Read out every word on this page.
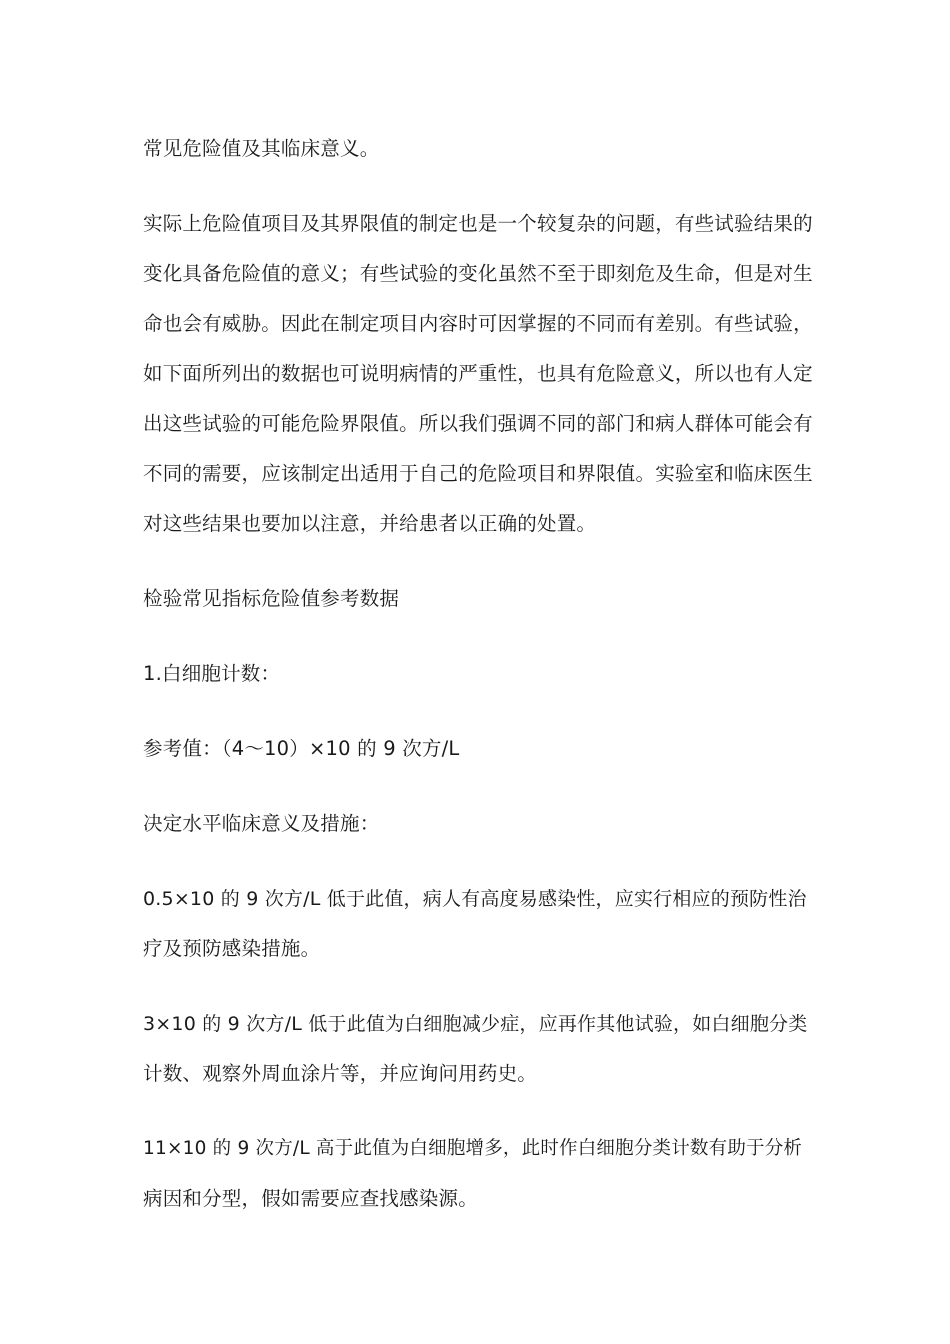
常见危险值及其临床意义。

实际上危险值项目及其界限值的制定也是一个较复杂的问题，有些试验结果的
变化具备危险值的意义；有些试验的变化虽然不至于即刻危及生命，但是对生
命也会有威胁。因此在制定项目内容时可因掌握的不同而有差别。有些试验，
如下面所列出的数据也可说明病情的严重性，也具有危险意义，所以也有人定
出这些试验的可能危险界限值。所以我们强调不同的部门和病人群体可能会有
不同的需要，应该制定出适用于自己的危险项目和界限值。实验室和临床医生
对这些结果也要加以注意，并给患者以正确的处置。

检验常见指标危险值参考数据

1.白细胞计数：

参考值：（4～10）×10 的 9 次方/L

决定水平临床意义及措施：

0.5×10 的 9 次方/L 低于此值，病人有高度易感染性，应实行相应的预防性治
疗及预防感染措施。

3×10 的 9 次方/L 低于此值为白细胞减少症，应再作其他试验，如白细胞分类
计数、观察外周血涂片等，并应询问用药史。

11×10 的 9 次方/L 高于此值为白细胞增多，此时作白细胞分类计数有助于分析
病因和分型，假如需要应查找感染源。
